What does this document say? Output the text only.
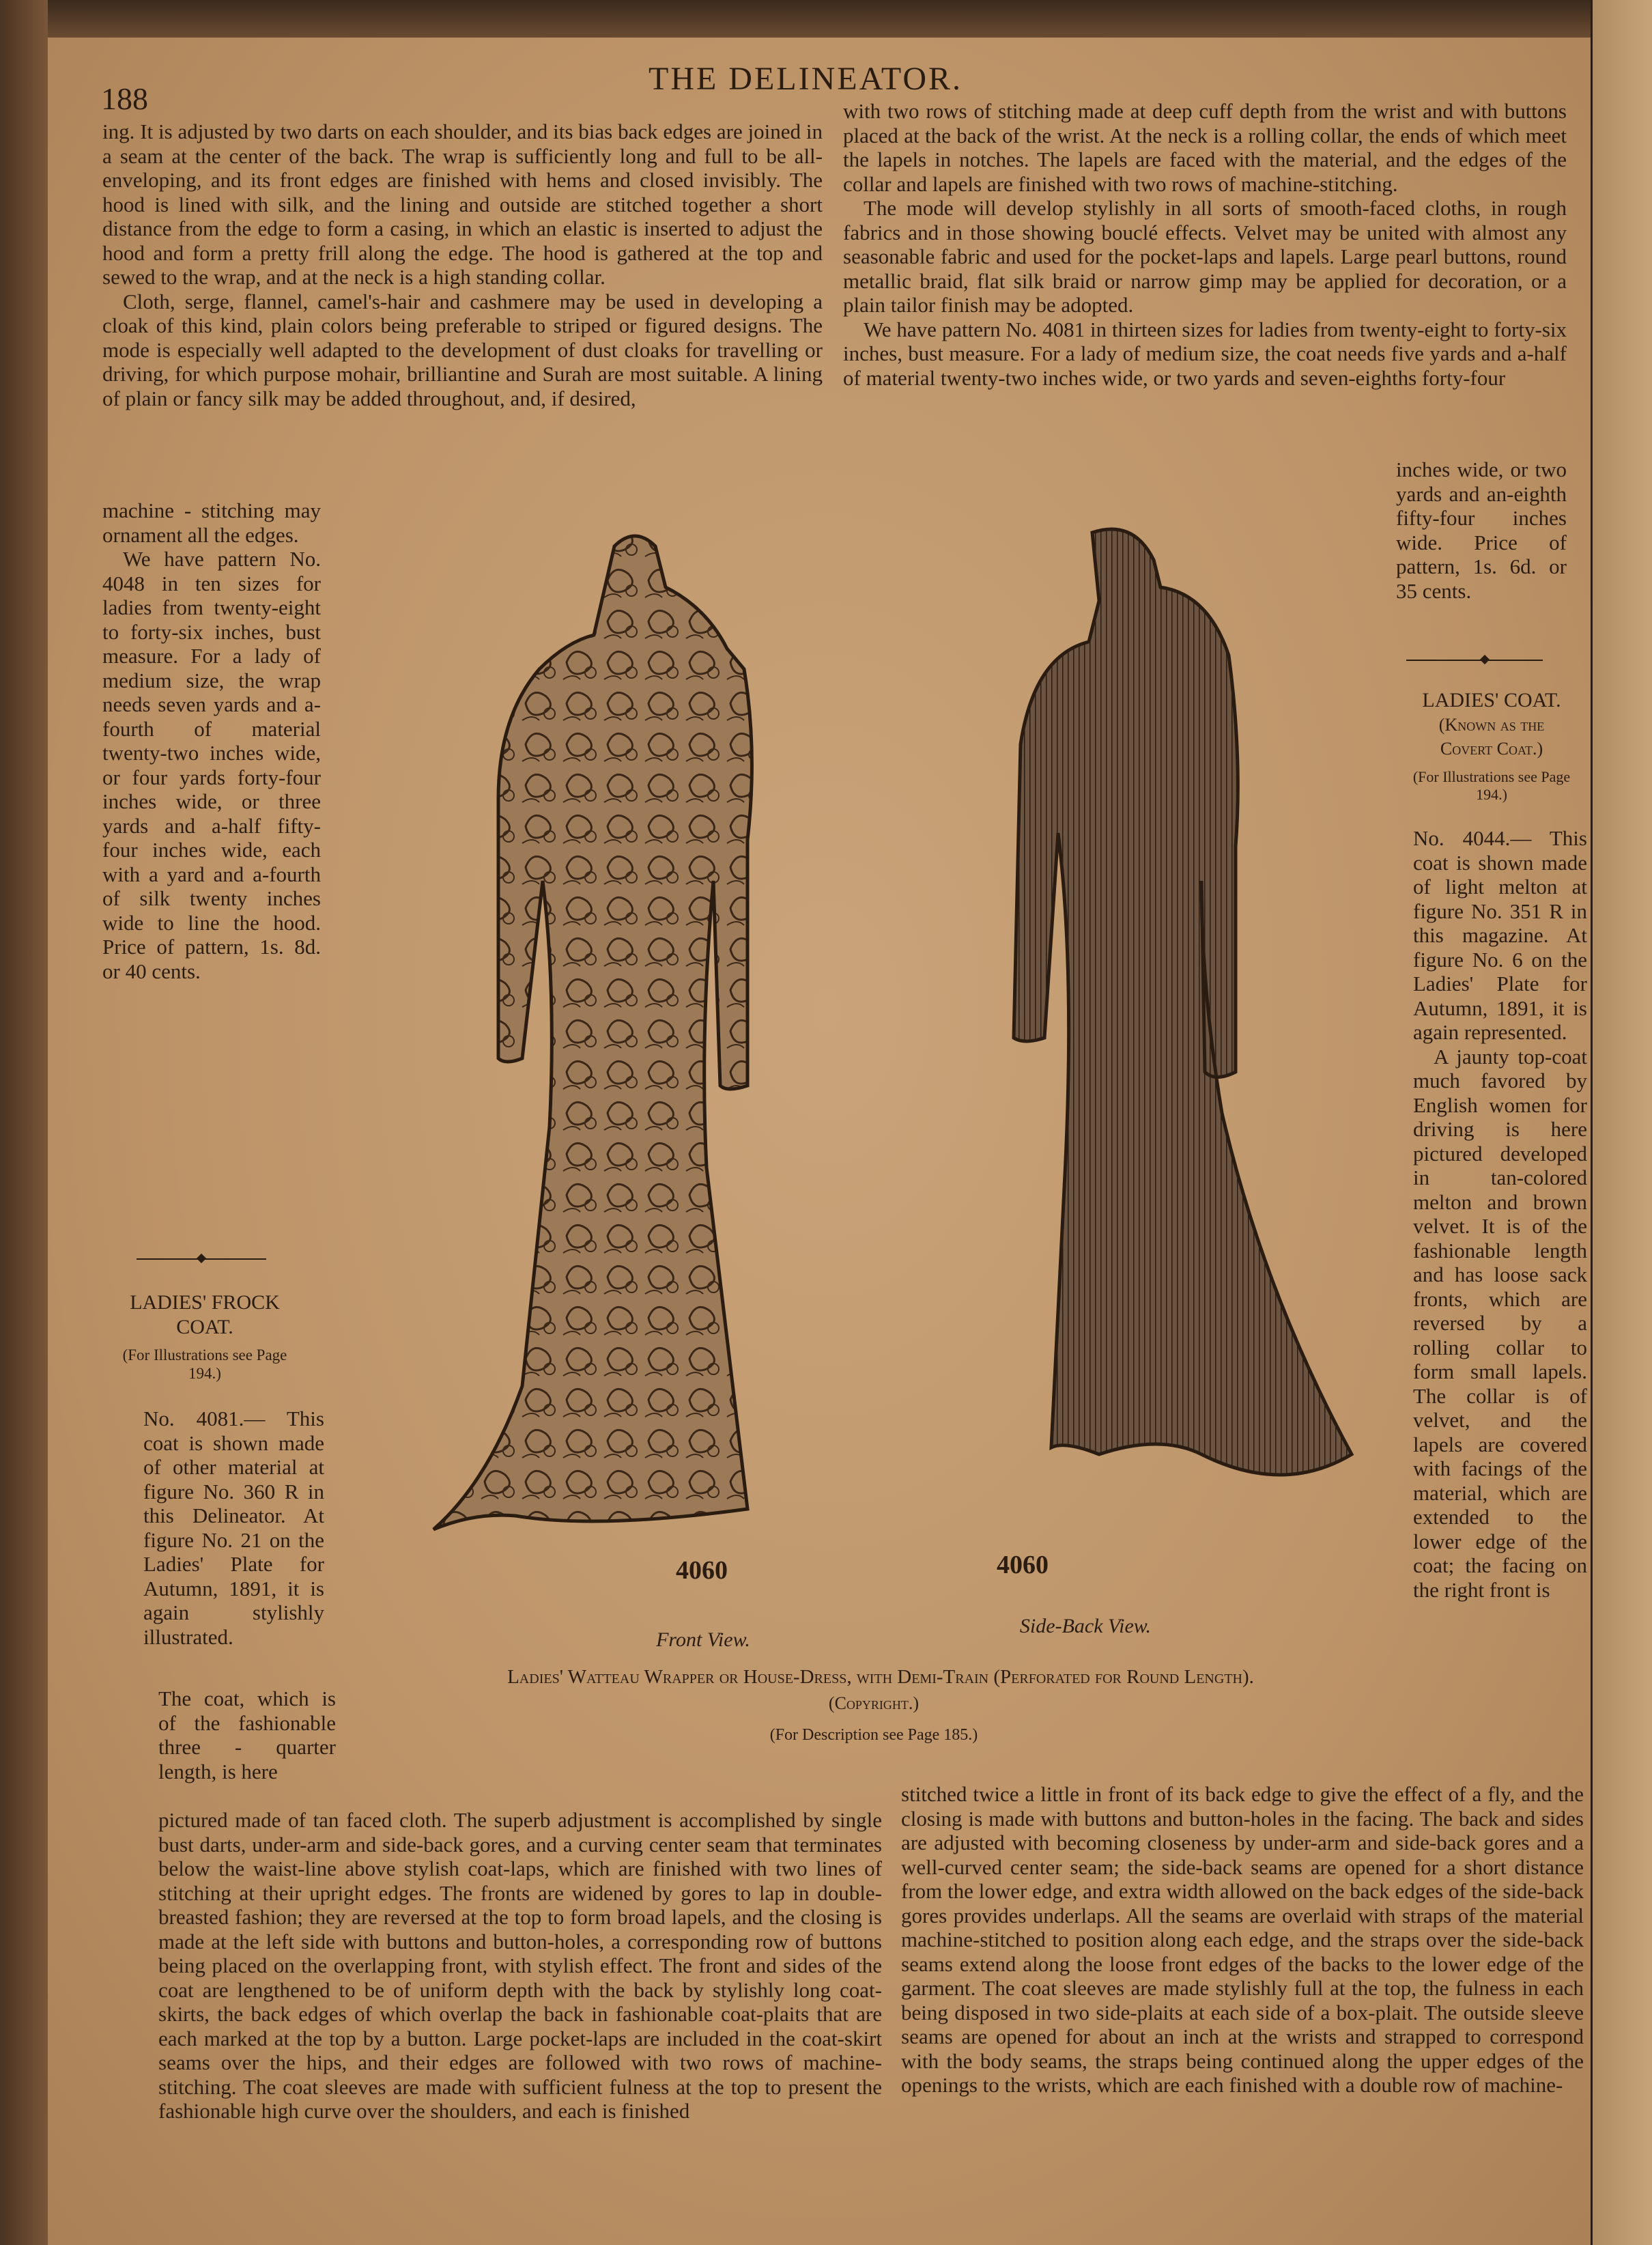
188
THE DELINEATOR.

ing. It is adjusted by two darts on each shoulder, and its bias back edges are joined in a seam at the center of the back. The wrap is sufficiently long and full to be all-enveloping, and its front edges are finished with hems and closed invisibly. The hood is lined with silk, and the lining and outside are stitched together a short distance from the edge to form a casing, in which an elastic is inserted to adjust the hood and form a pretty frill along the edge. The hood is gathered at the top and sewed to the wrap, and at the neck is a high standing collar.

Cloth, serge, flannel, camel's-hair and cashmere may be used in developing a cloak of this kind, plain colors being preferable to striped or figured designs. The mode is especially well adapted to the development of dust cloaks for travelling or driving, for which purpose mohair, brilliantine and Surah are most suitable. A lining of plain or fancy silk may be added throughout, and, if desired,

machine - stitching may ornament all the edges.

We have pattern No. 4048 in ten sizes for ladies from twenty-eight to forty-six inches, bust measure. For a lady of medium size, the wrap needs seven yards and a-fourth of material twenty-two inches wide, or four yards forty-four inches wide, or three yards and a-half fifty-four inches wide, each with a yard and a-fourth of silk twenty inches wide to line the hood. Price of pattern, 1s. 8d. or 40 cents.

LADIES' FROCK
COAT.
(For Illustrations see Page 194.)

No. 4081.— This coat is shown made of other material at figure No. 360 R in this Delineator. At figure No. 21 on the Ladies' Plate for Autumn, 1891, it is again stylishly illustrated.

The coat, which is of the fashionable three - quarter length, is here

with two rows of stitching made at deep cuff depth from the wrist and with buttons placed at the back of the wrist. At the neck is a rolling collar, the ends of which meet the lapels in notches. The lapels are faced with the material, and the edges of the collar and lapels are finished with two rows of machine-stitching.

The mode will develop stylishly in all sorts of smooth-faced cloths, in rough fabrics and in those showing bouclé effects. Velvet may be united with almost any seasonable fabric and used for the pocket-laps and lapels. Large pearl buttons, round metallic braid, flat silk braid or narrow gimp may be applied for decoration, or a plain tailor finish may be adopted.

We have pattern No. 4081 in thirteen sizes for ladies from twenty-eight to forty-six inches, bust measure. For a lady of medium size, the coat needs five yards and a-half of material twenty-two inches wide, or two yards and seven-eighths forty-four

inches wide, or two yards and an-eighth fifty-four inches wide. Price of pattern, 1s. 6d. or 35 cents.

LADIES' COAT.
(Known as the
Covert Coat.)
(For Illustrations see Page 194.)

No. 4044.— This coat is shown made of light melton at figure No. 351 R in this magazine. At figure No. 6 on the Ladies' Plate for Autumn, 1891, it is again represented.

A jaunty top-coat much favored by English women for driving is here pictured developed in tan-colored melton and brown velvet. It is of the fashionable length and has loose sack fronts, which are reversed by a rolling collar to form small lapels. The collar is of velvet, and the lapels are covered with facings of the material, which are extended to the lower edge of the coat; the facing on the right front is

4060	4060
Front View.
Side-Back View.
Ladies' Watteau Wrapper or House-Dress, with Demi-Train (Perforated for Round Length).
(Copyright.)
(For Description see Page 185.)

pictured made of tan faced cloth. The superb adjustment is accomplished by single bust darts, under-arm and side-back gores, and a curving center seam that terminates below the waist-line above stylish coat-laps, which are finished with two lines of stitching at their upright edges. The fronts are widened by gores to lap in double-breasted fashion; they are reversed at the top to form broad lapels, and the closing is made at the left side with buttons and button-holes, a corresponding row of buttons being placed on the overlapping front, with stylish effect. The front and sides of the coat are lengthened to be of uniform depth with the back by stylishly long coat-skirts, the back edges of which overlap the back in fashionable coat-plaits that are each marked at the top by a button. Large pocket-laps are included in the coat-skirt seams over the hips, and their edges are followed with two rows of machine-stitching. The coat sleeves are made with sufficient fulness at the top to present the fashionable high curve over the shoulders, and each is finished

stitched twice a little in front of its back edge to give the effect of a fly, and the closing is made with buttons and button-holes in the facing. The back and sides are adjusted with becoming closeness by under-arm and side-back gores and a well-curved center seam; the side-back seams are opened for a short distance from the lower edge, and extra width allowed on the back edges of the side-back gores provides underlaps. All the seams are overlaid with straps of the material machine-stitched to position along each edge, and the straps over the side-back seams extend along the loose front edges of the backs to the lower edge of the garment. The coat sleeves are made stylishly full at the top, the fulness in each being disposed in two side-plaits at each side of a box-plait. The outside sleeve seams are opened for about an inch at the wrists and strapped to correspond with the body seams, the straps being continued along the upper edges of the openings to the wrists, which are each finished with a double row of machine-
